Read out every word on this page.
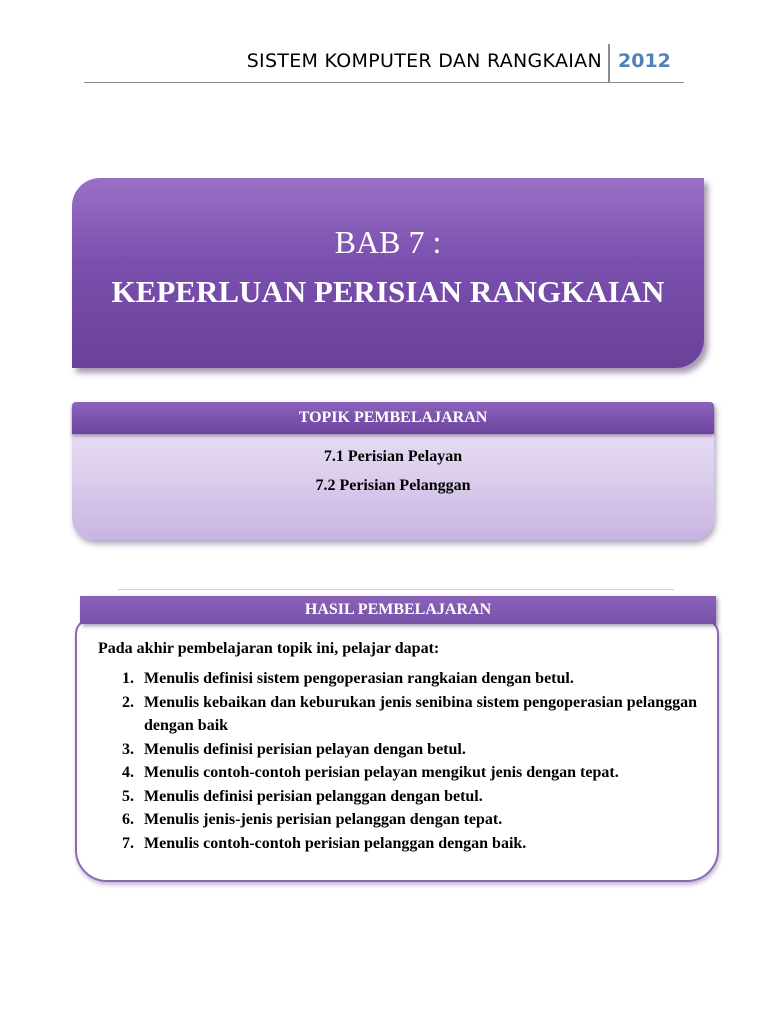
SISTEM KOMPUTER DAN RANGKAIAN 2012
BAB 7 :
KEPERLUAN PERISIAN RANGKAIAN
TOPIK PEMBELAJARAN
7.1 Perisian Pelayan
7.2 Perisian Pelanggan
HASIL PEMBELAJARAN
Pada akhir pembelajaran topik ini, pelajar dapat:
1. Menulis definisi sistem pengoperasian rangkaian dengan betul.
2. Menulis kebaikan dan keburukan jenis senibina sistem pengoperasian pelanggan dengan baik
3. Menulis definisi perisian pelayan dengan betul.
4. Menulis contoh-contoh perisian pelayan mengikut jenis dengan tepat.
5. Menulis definisi perisian pelanggan dengan betul.
6. Menulis jenis-jenis perisian pelanggan dengan tepat.
7. Menulis contoh-contoh perisian pelanggan dengan baik.
